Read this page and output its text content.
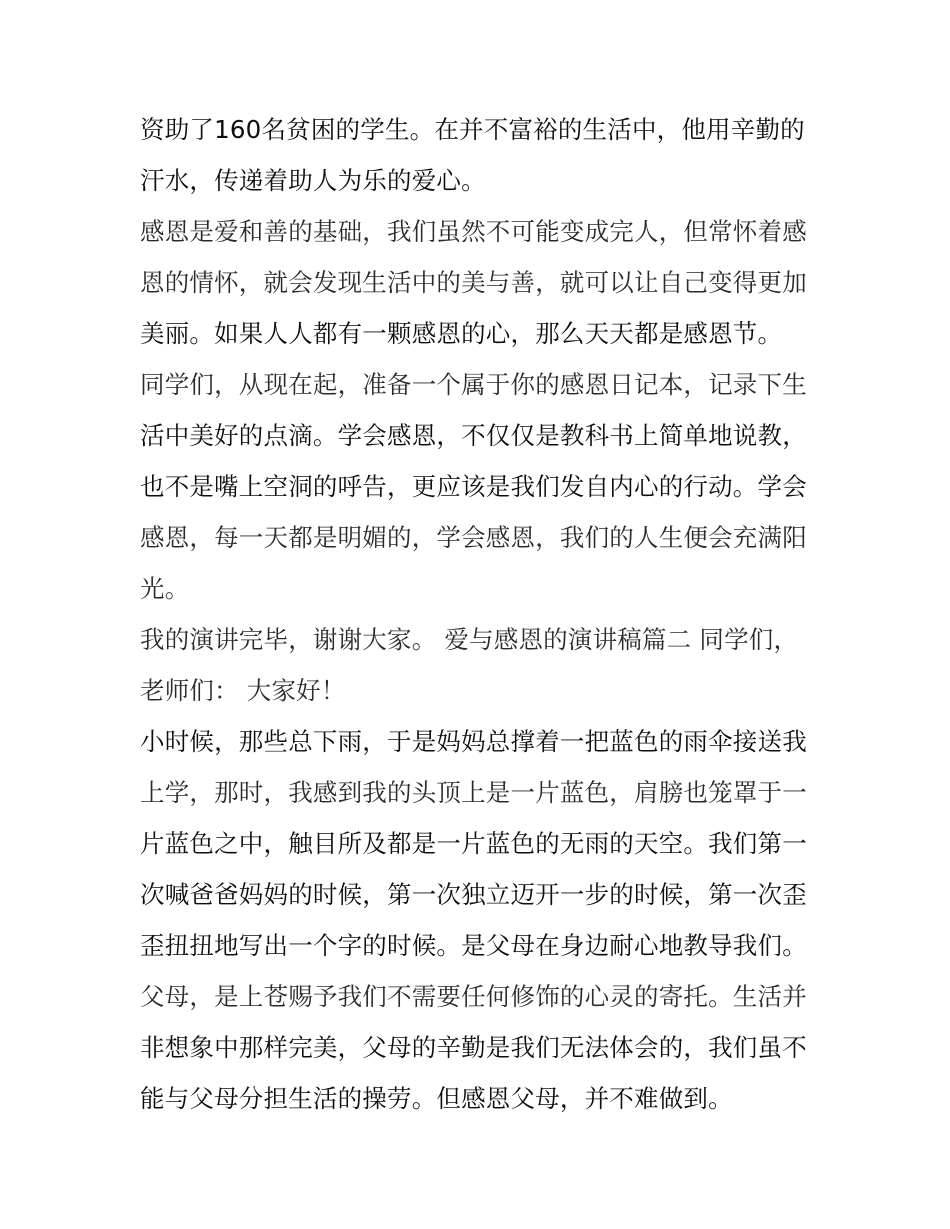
资助了160名贫困的学生。在并不富裕的生活中，他用辛勤的
汗水，传递着助人为乐的爱心。
感恩是爱和善的基础，我们虽然不可能变成完人，但常怀着感
恩的情怀，就会发现生活中的美与善，就可以让自己变得更加
美丽。如果人人都有一颗感恩的心，那么天天都是感恩节。
同学们，从现在起，准备一个属于你的感恩日记本，记录下生
活中美好的点滴。学会感恩，不仅仅是教科书上简单地说教，
也不是嘴上空洞的呼告，更应该是我们发自内心的行动。学会
感恩，每一天都是明媚的，学会感恩，我们的人生便会充满阳
光。
我的演讲完毕，谢谢大家。 爱与感恩的演讲稿篇二 同学们，
老师们： 大家好！
小时候，那些总下雨，于是妈妈总撑着一把蓝色的雨伞接送我
上学，那时，我感到我的头顶上是一片蓝色，肩膀也笼罩于一
片蓝色之中，触目所及都是一片蓝色的无雨的天空。我们第一
次喊爸爸妈妈的时候，第一次独立迈开一步的时候，第一次歪
歪扭扭地写出一个字的时候。是父母在身边耐心地教导我们。
父母，是上苍赐予我们不需要任何修饰的心灵的寄托。生活并
非想象中那样完美，父母的辛勤是我们无法体会的，我们虽不
能与父母分担生活的操劳。但感恩父母，并不难做到。
